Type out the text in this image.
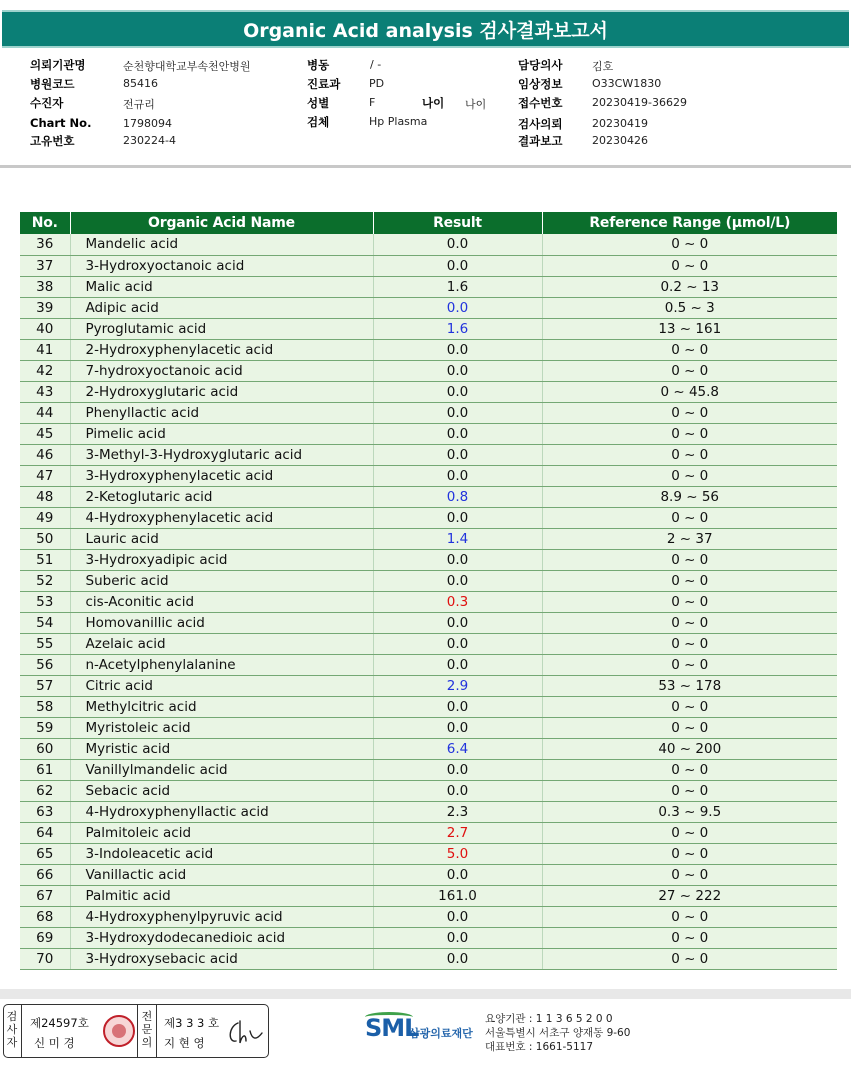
Organic Acid analysis 검사결과보고서
의뢰기관명	순천향대학교부속천안병원
병원코드	85416
수진자	전규리
Chart No.	1798094
고유번호	230224-4
병동	/ -
진료과	PD
성별	F	나이 나이
검체	Hp Plasma
담당의사	김호
임상정보	O33CW1830
접수번호	20230419-36629
검사의뢰	20230419
결과보고	20230426
No.	Organic Acid Name	Result	Reference Range (µmol/L)
36	Mandelic acid	0.0	0 ~ 0
37	3-Hydroxyoctanoic acid	0.0	0 ~ 0
38	Malic acid	1.6	0.2 ~ 13
39	Adipic acid	0.0	0.5 ~ 3
40	Pyroglutamic acid	1.6	13 ~ 161
41	2-Hydroxyphenylacetic acid	0.0	0 ~ 0
42	7-hydroxyoctanoic acid	0.0	0 ~ 0
43	2-Hydroxyglutaric acid	0.0	0 ~ 45.8
44	Phenyllactic acid	0.0	0 ~ 0
45	Pimelic acid	0.0	0 ~ 0
46	3-Methyl-3-Hydroxyglutaric acid	0.0	0 ~ 0
47	3-Hydroxyphenylacetic acid	0.0	0 ~ 0
48	2-Ketoglutaric acid	0.8	8.9 ~ 56
49	4-Hydroxyphenylacetic acid	0.0	0 ~ 0
50	Lauric acid	1.4	2 ~ 37
51	3-Hydroxyadipic acid	0.0	0 ~ 0
52	Suberic acid	0.0	0 ~ 0
53	cis-Aconitic acid	0.3	0 ~ 0
54	Homovanillic acid	0.0	0 ~ 0
55	Azelaic acid	0.0	0 ~ 0
56	n-Acetylphenylalanine	0.0	0 ~ 0
57	Citric acid	2.9	53 ~ 178
58	Methylcitric acid	0.0	0 ~ 0
59	Myristoleic acid	0.0	0 ~ 0
60	Myristic acid	6.4	40 ~ 200
61	Vanillylmandelic acid	0.0	0 ~ 0
62	Sebacic acid	0.0	0 ~ 0
63	4-Hydroxyphenyllactic acid	2.3	0.3 ~ 9.5
64	Palmitoleic acid	2.7	0 ~ 0
65	3-Indoleacetic acid	5.0	0 ~ 0
66	Vanillactic acid	0.0	0 ~ 0
67	Palmitic acid	161.0	27 ~ 222
68	4-Hydroxyphenylpyruvic acid	0.0	0 ~ 0
69	3-Hydroxydodecanedioic acid	0.0	0 ~ 0
70	3-Hydroxysebacic acid	0.0	0 ~ 0
검사자
제24597호
신 미 경
전문의
제3 3 3 호
지 현 영
SML
삼광의료재단
요양기관 : 1 1 3 6 5 2 0 0
서울특별시 서초구 양재동 9-60
대표번호 : 1661-5117
